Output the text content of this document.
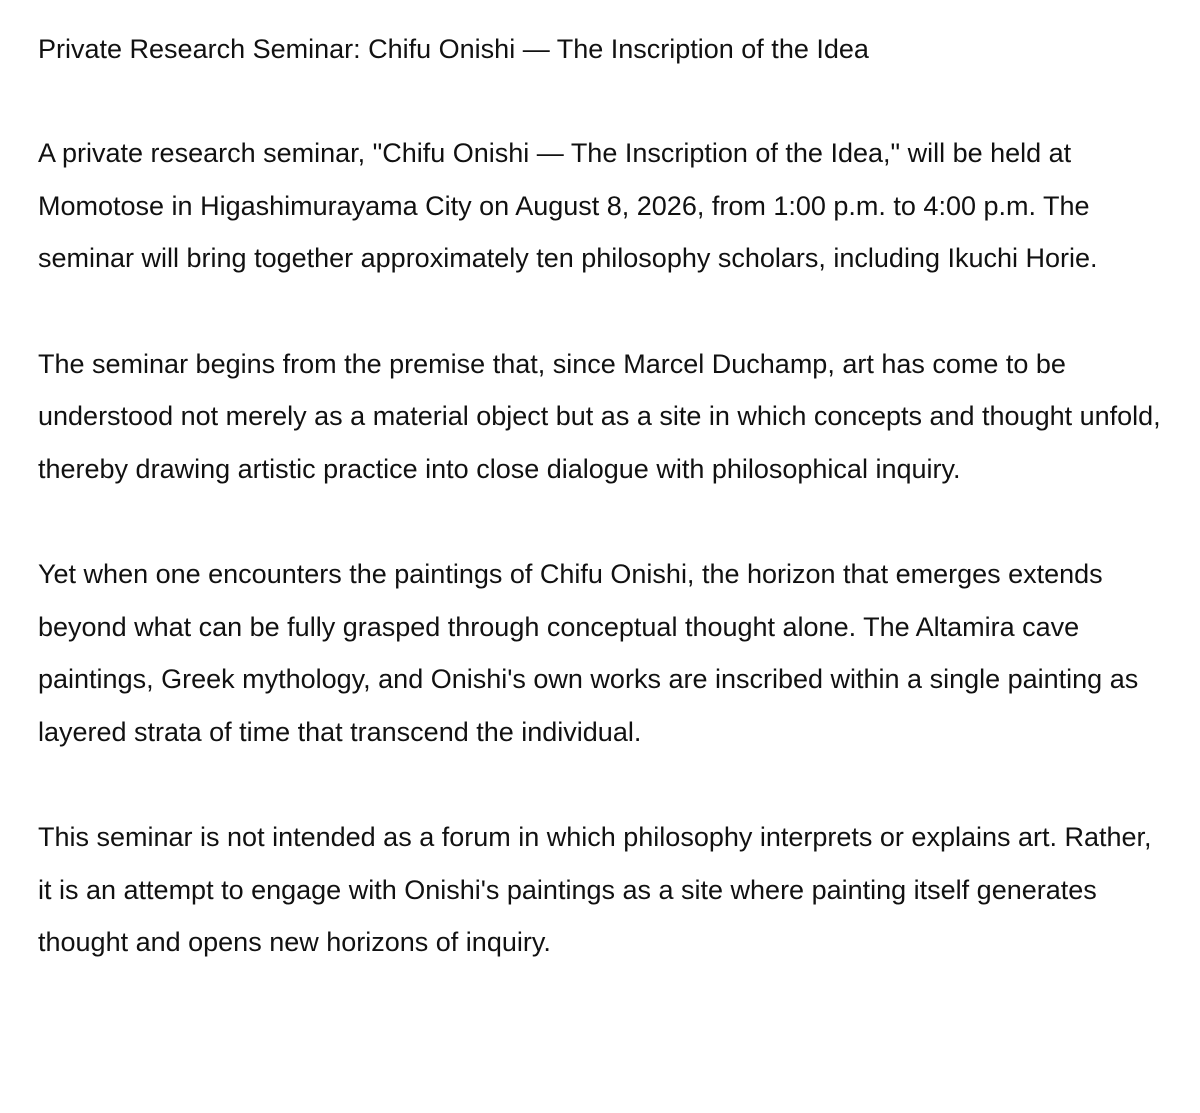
Private Research Seminar: Chifu Onishi — The Inscription of the Idea

A private research seminar, "Chifu Onishi — The Inscription of the Idea," will be held at Momotose in Higashimurayama City on August 8, 2026, from 1:00 p.m. to 4:00 p.m. The seminar will bring together approximately ten philosophy scholars, including Ikuchi Horie.

The seminar begins from the premise that, since Marcel Duchamp, art has come to be understood not merely as a material object but as a site in which concepts and thought unfold, thereby drawing artistic practice into close dialogue with philosophical inquiry.

Yet when one encounters the paintings of Chifu Onishi, the horizon that emerges extends beyond what can be fully grasped through conceptual thought alone. The Altamira cave paintings, Greek mythology, and Onishi's own works are inscribed within a single painting as layered strata of time that transcend the individual.

This seminar is not intended as a forum in which philosophy interprets or explains art. Rather, it is an attempt to engage with Onishi's paintings as a site where painting itself generates thought and opens new horizons of inquiry.
